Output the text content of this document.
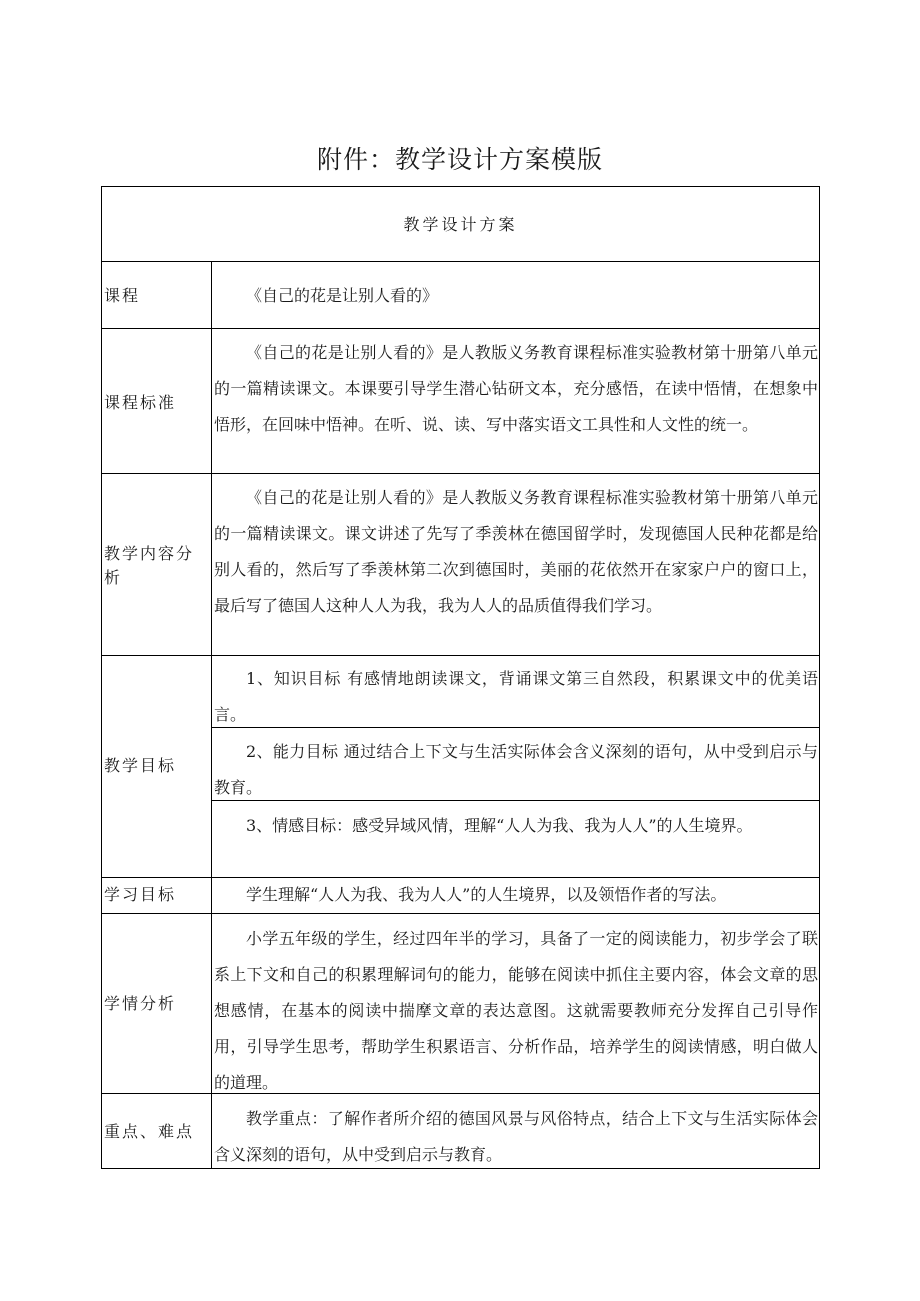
附件：教学设计方案模版
教学设计方案
课程	《自己的花是让别人看的》
课程标准
《自己的花是让别人看的》是人教版义务教育课程标准实验教材第十册第八单元的一篇精读课文。本课要引导学生潜心钻研文本，充分感悟，在读中悟情，在想象中悟形，在回味中悟神。在听、说、读、写中落实语文工具性和人文性的统一。
教学内容分析
《自己的花是让别人看的》是人教版义务教育课程标准实验教材第十册第八单元的一篇精读课文。课文讲述了先写了季羡林在德国留学时，发现德国人民种花都是给别人看的，然后写了季羡林第二次到德国时，美丽的花依然开在家家户户的窗口上，最后写了德国人这种人人为我，我为人人的品质值得我们学习。
教学目标
1、知识目标 有感情地朗读课文，背诵课文第三自然段，积累课文中的优美语言。
2、能力目标 通过结合上下文与生活实际体会含义深刻的语句，从中受到启示与教育。
3、情感目标：感受异域风情，理解“人人为我、我为人人”的人生境界。
学习目标	学生理解“人人为我、我为人人”的人生境界，以及领悟作者的写法。
学情分析
小学五年级的学生，经过四年半的学习，具备了一定的阅读能力，初步学会了联系上下文和自己的积累理解词句的能力，能够在阅读中抓住主要内容，体会文章的思想感情，在基本的阅读中揣摩文章的表达意图。这就需要教师充分发挥自己引导作用，引导学生思考，帮助学生积累语言、分析作品，培养学生的阅读情感，明白做人的道理。
重点、难点
教学重点：了解作者所介绍的德国风景与风俗特点，结合上下文与生活实际体会含义深刻的语句，从中受到启示与教育。
